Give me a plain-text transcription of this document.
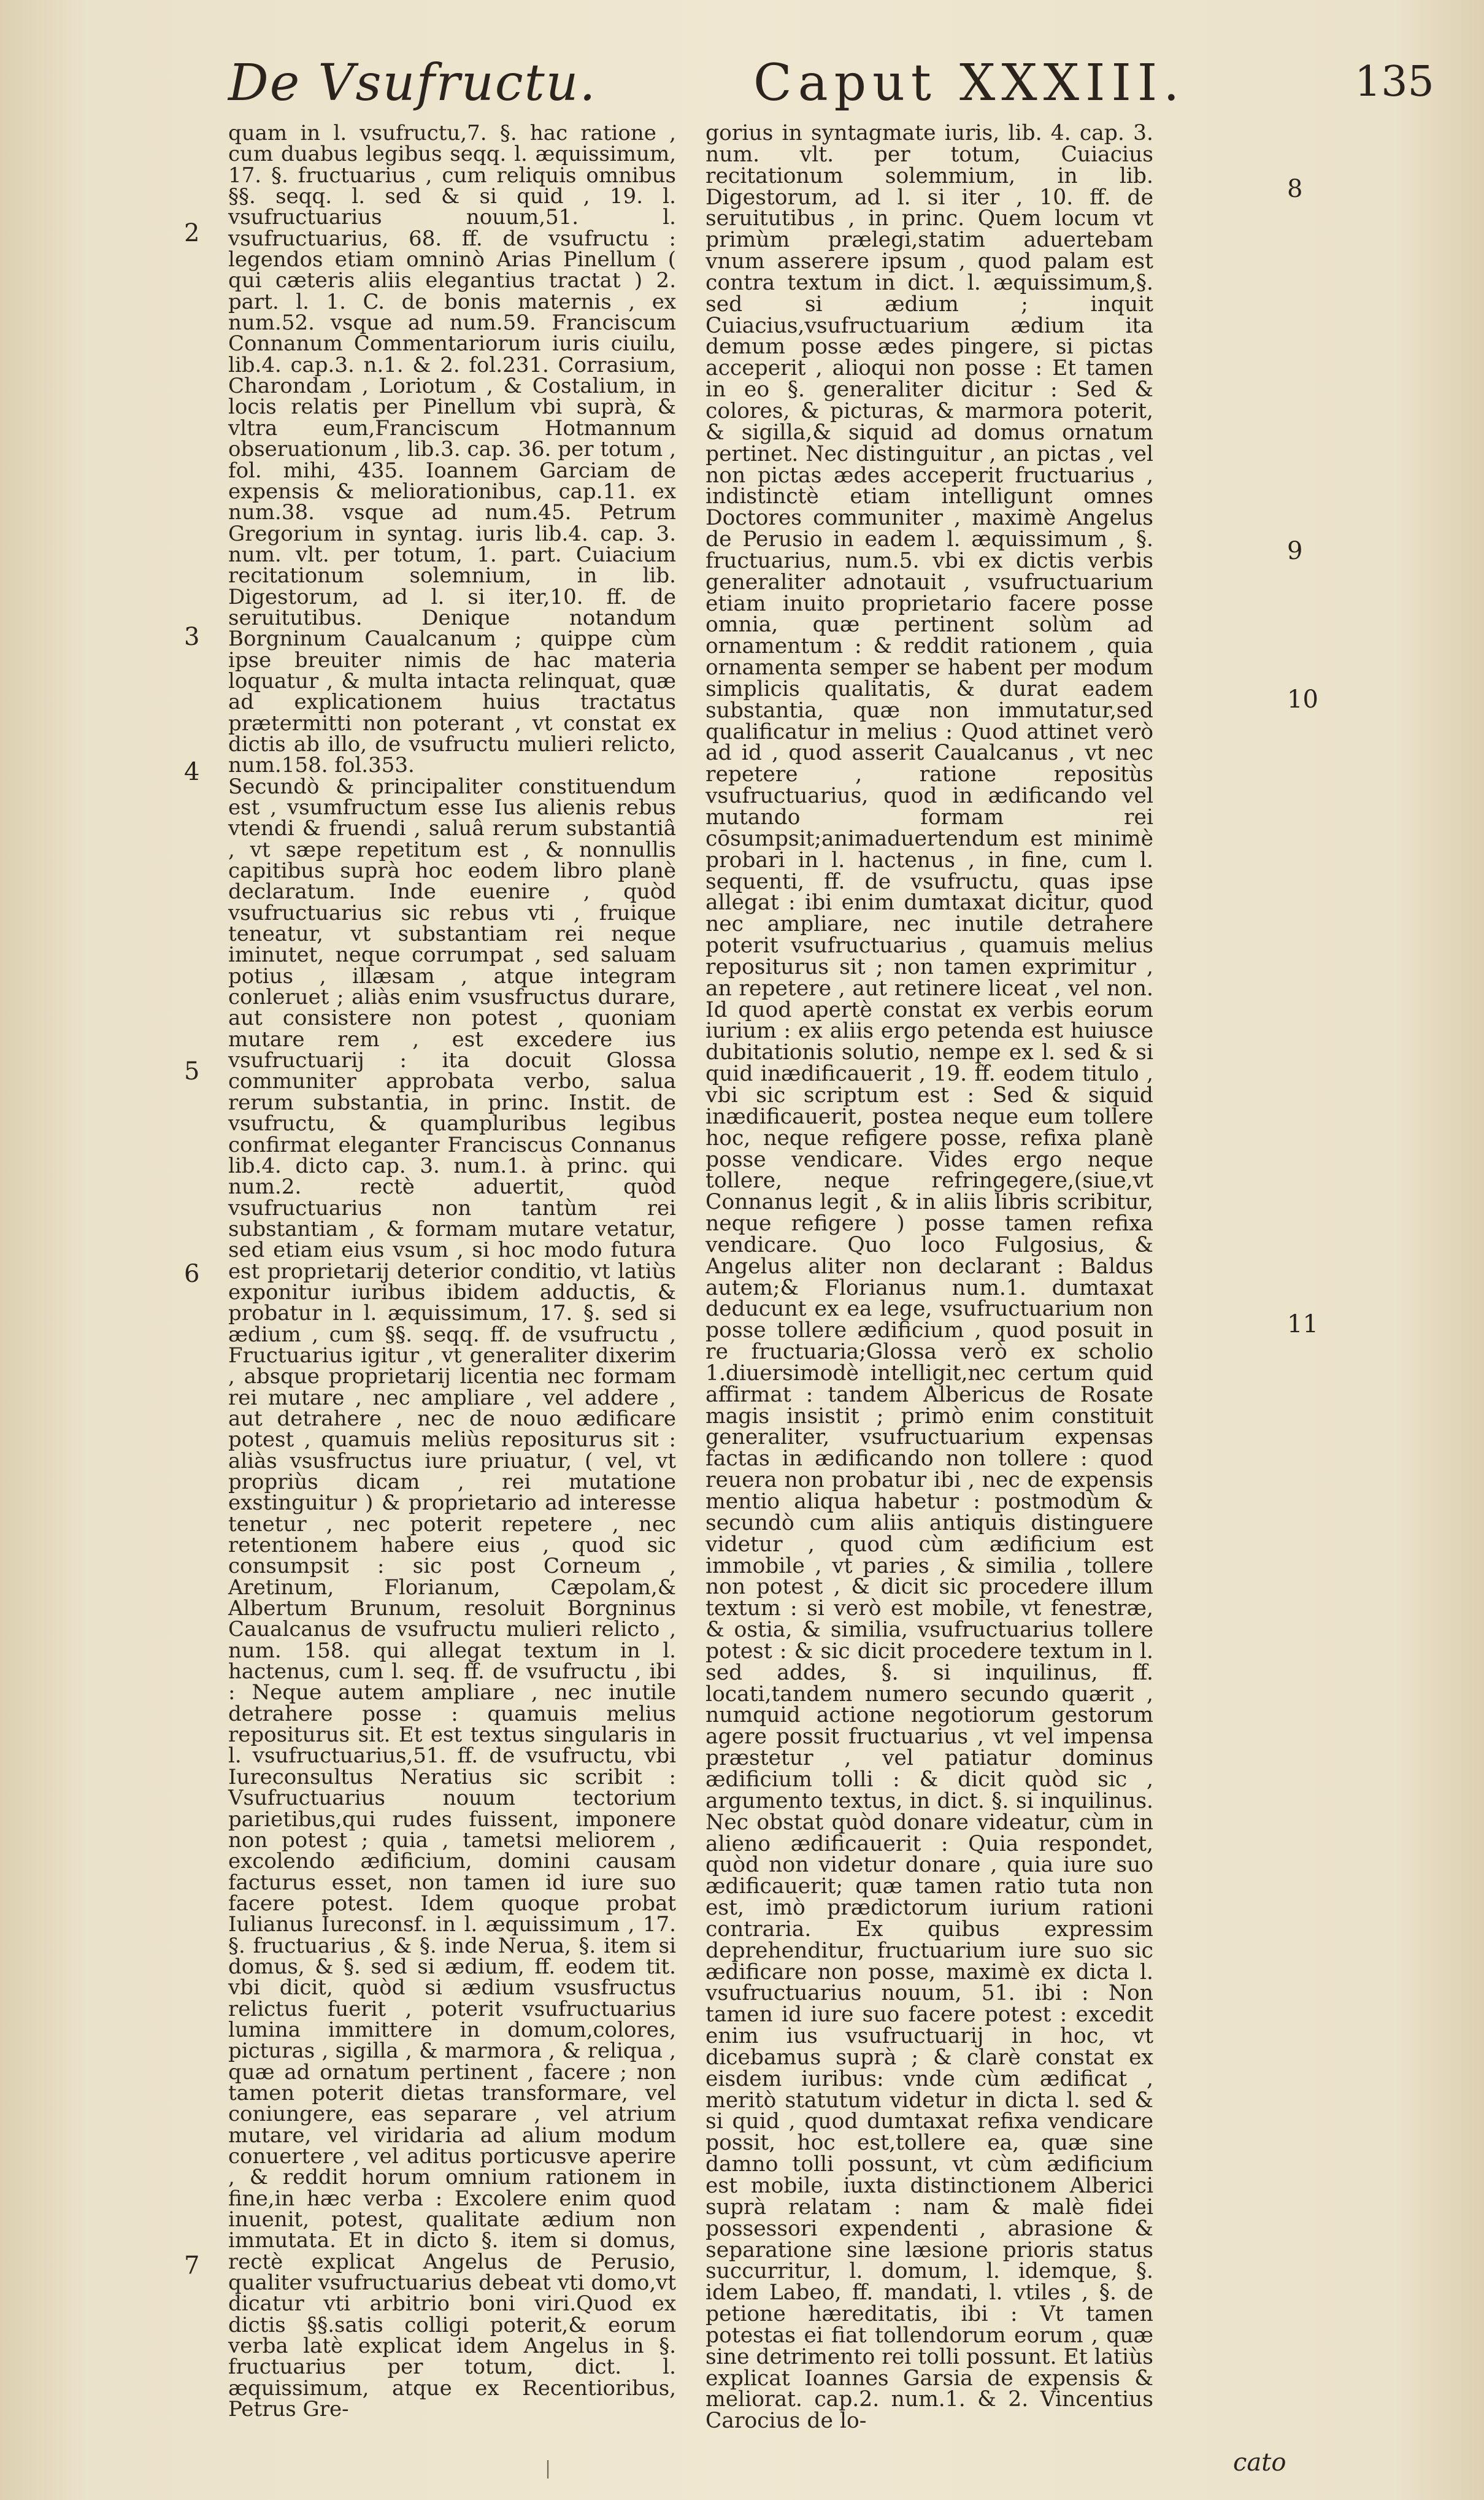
De Vsufructu.	Caput XXXIII.	135
2
3
4
5
6
7
8
9
10
11

quam in l. vsufructu,7. §. hac ratione , cum duabus legibus seqq. l. æquissimum, 17. §. fructuarius , cum reliquis omnibus §§. seqq. l. sed & si quid , 19. l. vsufructuarius nouum,51. l. vsufructuarius, 68. ff. de vsufructu : legendos etiam omninò Arias Pinellum ( qui cæteris aliis elegantius tractat ) 2. part. l. 1. C. de bonis maternis , ex num.52. vsque ad num.59. Franciscum Connanum Commentariorum iuris ciuilu, lib.4. cap.3. n.1. & 2. fol.231. Corrasium, Charondam , Loriotum , & Costalium, in locis relatis per Pinellum vbi suprà, & vltra eum,Franciscum Hotmannum obseruationum , lib.3. cap. 36. per totum , fol. mihi, 435. Ioannem Garciam de expensis & meliorationibus, cap.11. ex num.38. vsque ad num.45. Petrum Gregorium in syntag. iuris lib.4. cap. 3. num. vlt. per totum, 1. part. Cuiacium recitationum solemnium, in lib. Digestorum, ad l. si iter,10. ff. de seruitutibus. Denique notandum Borgninum Caualcanum ; quippe cùm ipse breuiter nimis de hac materia loquatur , & multa intacta relinquat, quæ ad explicationem huius tractatus prætermitti non poterant , vt constat ex dictis ab illo, de vsufructu mulieri relicto, num.158. fol.353.

Secundò & principaliter constituendum est , vsumfructum esse Ius alienis rebus vtendi & fruendi , saluâ rerum substantiâ , vt sæpe repetitum est , & nonnullis capitibus suprà hoc eodem libro planè declaratum. Inde euenire , quòd vsufructuarius sic rebus vti , fruique teneatur, vt substantiam rei neque iminutet, neque corrumpat , sed saluam potius , illæsam , atque integram conleruet ; aliàs enim vsusfructus durare, aut consistere non potest , quoniam mutare rem , est excedere ius vsufructuarij : ita docuit Glossa communiter approbata verbo, salua rerum substantia, in princ. Instit. de vsufructu, & quampluribus legibus confirmat eleganter Franciscus Connanus lib.4. dicto cap. 3. num.1. à princ. qui num.2. rectè aduertit, quòd vsufructuarius non tantùm rei substantiam , & formam mutare vetatur, sed etiam eius vsum , si hoc modo futura est proprietarij deterior conditio, vt latiùs exponitur iuribus ibidem adductis, & probatur in l. æquissimum, 17. §. sed si ædium , cum §§. seqq. ff. de vsufructu , Fructuarius igitur , vt generaliter dixerim , absque proprietarij licentia nec formam rei mutare , nec ampliare , vel addere , aut detrahere , nec de nouo ædificare potest , quamuis meliùs repositurus sit : aliàs vsusfructus iure priuatur, ( vel, vt propriùs dicam , rei mutatione exstinguitur ) & proprietario ad interesse tenetur , nec poterit repetere , nec retentionem habere eius , quod sic consumpsit : sic post Corneum , Aretinum, Florianum, Cæpolam,& Albertum Brunum, resoluit Borgninus Caualcanus de vsufructu mulieri relicto , num. 158. qui allegat textum in l. hactenus, cum l. seq. ff. de vsufructu , ibi : Neque autem ampliare , nec inutile detrahere posse : quamuis melius repositurus sit. Et est textus singularis in l. vsufructuarius,51. ff. de vsufructu, vbi Iureconsultus Neratius sic scribit : Vsufructuarius nouum tectorium parietibus,qui rudes fuissent, imponere non potest ; quia , tametsi meliorem , excolendo ædificium, domini causam facturus esset, non tamen id iure suo facere potest. Idem quoque probat Iulianus Iureconsf. in l. æquissimum , 17. §. fructuarius , & §. inde Nerua, §. item si domus, & §. sed si ædium, ff. eodem tit. vbi dicit, quòd si ædium vsusfructus relictus fuerit , poterit vsufructuarius lumina immittere in domum,colores, picturas , sigilla , & marmora , & reliqua , quæ ad ornatum pertinent , facere ; non tamen poterit dietas transformare, vel coniungere, eas separare , vel atrium mutare, vel viridaria ad alium modum conuertere , vel aditus porticusve aperire , & reddit horum omnium rationem in fine,in hæc verba : Excolere enim quod inuenit, potest, qualitate ædium non immutata. Et in dicto §. item si domus, rectè explicat Angelus de Perusio, qualiter vsufructuarius debeat vti domo,vt dicatur vti arbitrio boni viri.Quod ex dictis §§.satis colligi poterit,& eorum verba latè explicat idem Angelus in §. fructuarius per totum, dict. l. æquissimum, atque ex Recentioribus, Petrus Gre-

gorius in syntagmate iuris, lib. 4. cap. 3. num. vlt. per totum, Cuiacius recitationum solemmium, in lib. Digestorum, ad l. si iter , 10. ff. de seruitutibus , in princ. Quem locum vt primùm prælegi,statim aduertebam vnum asserere ipsum , quod palam est contra textum in dict. l. æquissimum,§. sed si ædium ; inquit Cuiacius,vsufructuarium ædium ita demum posse ædes pingere, si pictas acceperit , alioqui non posse : Et tamen in eo §. generaliter dicitur : Sed & colores, & picturas, & marmora poterit, & sigilla,& siquid ad domus ornatum pertinet. Nec distinguitur , an pictas , vel non pictas ædes acceperit fructuarius , indistinctè etiam intelligunt omnes Doctores communiter , maximè Angelus de Perusio in eadem l. æquissimum , §. fructuarius, num.5. vbi ex dictis verbis generaliter adnotauit , vsufructuarium etiam inuito proprietario facere posse omnia, quæ pertinent solùm ad ornamentum : & reddit rationem , quia ornamenta semper se habent per modum simplicis qualitatis, & durat eadem substantia, quæ non immutatur,sed qualificatur in melius : Quod attinet verò ad id , quod asserit Caualcanus , vt nec repetere , ratione repositùs vsufructuarius, quod in ædificando vel mutando formam rei cōsumpsit;animaduertendum est minimè probari in l. hactenus , in fine, cum l. sequenti, ff. de vsufructu, quas ipse allegat : ibi enim dumtaxat dicitur, quod nec ampliare, nec inutile detrahere poterit vsufructuarius , quamuis melius repositurus sit ; non tamen exprimitur , an repetere , aut retinere liceat , vel non. Id quod apertè constat ex verbis eorum iurium : ex aliis ergo petenda est huiusce dubitationis solutio, nempe ex l. sed & si quid inædificauerit , 19. ff. eodem titulo , vbi sic scriptum est : Sed & siquid inædificauerit, postea neque eum tollere hoc, neque refigere posse, refixa planè posse vendicare. Vides ergo neque tollere, neque refringegere,(siue,vt Connanus legit , & in aliis libris scribitur, neque refigere ) posse tamen refixa vendicare. Quo loco Fulgosius, & Angelus aliter non declarant : Baldus autem;& Florianus num.1. dumtaxat deducunt ex ea lege, vsufructuarium non posse tollere ædificium , quod posuit in re fructuaria;Glossa verò ex scholio 1.diuersimodè intelligit,nec certum quid affirmat : tandem Albericus de Rosate magis insistit ; primò enim constituit generaliter, vsufructuarium expensas factas in ædificando non tollere : quod reuera non probatur ibi , nec de expensis mentio aliqua habetur : postmodùm & secundò cum aliis antiquis distinguere videtur , quod cùm ædificium est immobile , vt paries , & similia , tollere non potest , & dicit sic procedere illum textum : si verò est mobile, vt fenestræ, & ostia, & similia, vsufructuarius tollere potest : & sic dicit procedere textum in l. sed addes, §. si inquilinus, ff. locati,tandem numero secundo quærit , numquid actione negotiorum gestorum agere possit fructuarius , vt vel impensa præstetur , vel patiatur dominus ædificium tolli : & dicit quòd sic , argumento textus, in dict. §. si inquilinus. Nec obstat quòd donare videatur, cùm in alieno ædificauerit : Quia respondet, quòd non videtur donare , quia iure suo ædificauerit; quæ tamen ratio tuta non est, imò prædictorum iurium rationi contraria. Ex quibus expressim deprehenditur, fructuarium iure suo sic ædificare non posse, maximè ex dicta l. vsufructuarius nouum, 51. ibi : Non tamen id iure suo facere potest : excedit enim ius vsufructuarij in hoc, vt dicebamus suprà ; & clarè constat ex eisdem iuribus: vnde cùm ædificat , meritò statutum videtur in dicta l. sed & si quid , quod dumtaxat refixa vendicare possit, hoc est,tollere ea, quæ sine damno tolli possunt, vt cùm ædificium est mobile, iuxta distinctionem Alberici suprà relatam : nam & malè fidei possessori expendenti , abrasione & separatione sine læsione prioris status succurritur, l. domum, l. idemque, §. idem Labeo, ff. mandati, l. vtiles , §. de petione hæreditatis, ibi : Vt tamen potestas ei fiat tollendorum eorum , quæ sine detrimento rei tolli possunt. Et latiùs explicat Ioannes Garsia de expensis & meliorat. cap.2. num.1. & 2. Vincentius Carocius de lo-

cato
|
